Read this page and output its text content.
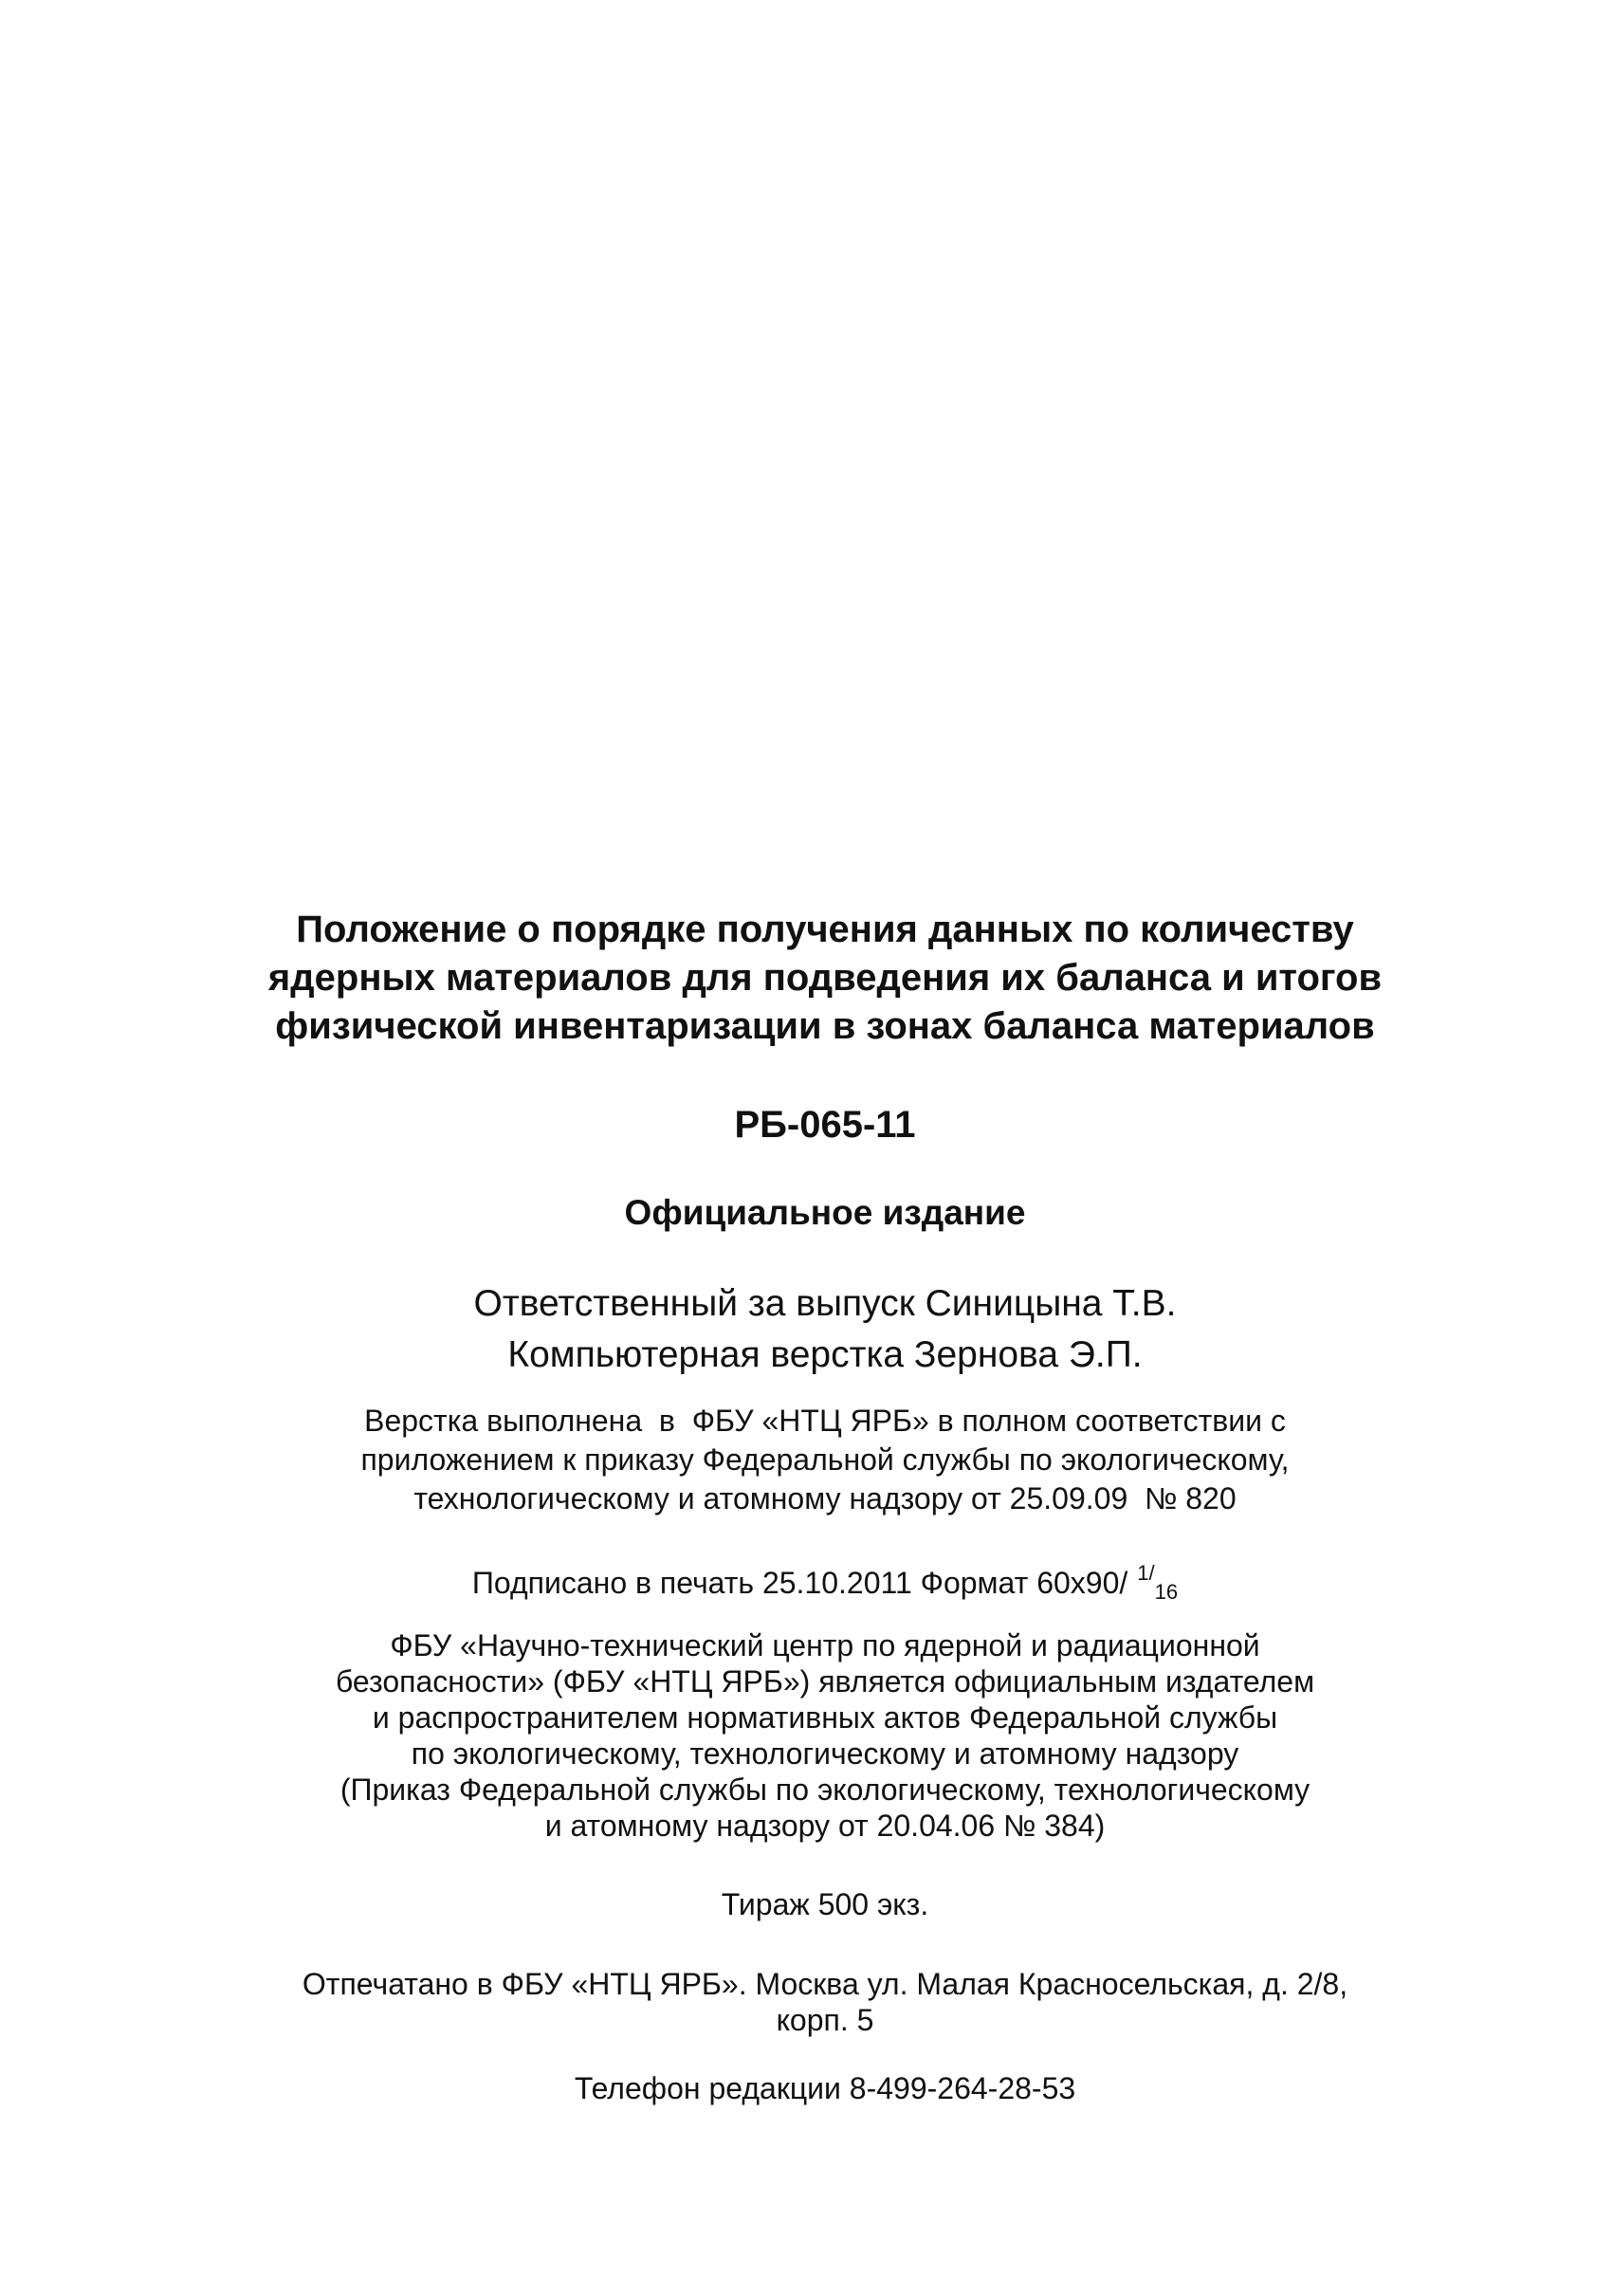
Положение о порядке получения данных по количеству
ядерных материалов для подведения их баланса и итогов
физической инвентаризации в зонах баланса материалов
РБ-065-11
Официальное издание
Ответственный за выпуск Синицына Т.В.
Компьютерная верстка Зернова Э.П.
Верстка выполнена  в  ФБУ «НТЦ ЯРБ» в полном соответствии с
приложением к приказу Федеральной службы по экологическому,
технологическому и атомному надзору от 25.09.09  № 820
Подписано в печать 25.10.2011 Формат 60х90/ $^{1/}_{16}$
ФБУ «Научно-технический центр по ядерной и радиационной
безопасности» (ФБУ «НТЦ ЯРБ») является официальным издателем
и распространителем нормативных актов Федеральной службы
по экологическому, технологическому и атомному надзору
(Приказ Федеральной службы по экологическому, технологическому
и атомному надзору от 20.04.06 № 384)
Тираж 500 экз.
Отпечатано в ФБУ «НТЦ ЯРБ». Москва ул. Малая Красносельская, д. 2/8,
корп. 5
Телефон редакции 8-499-264-28-53
